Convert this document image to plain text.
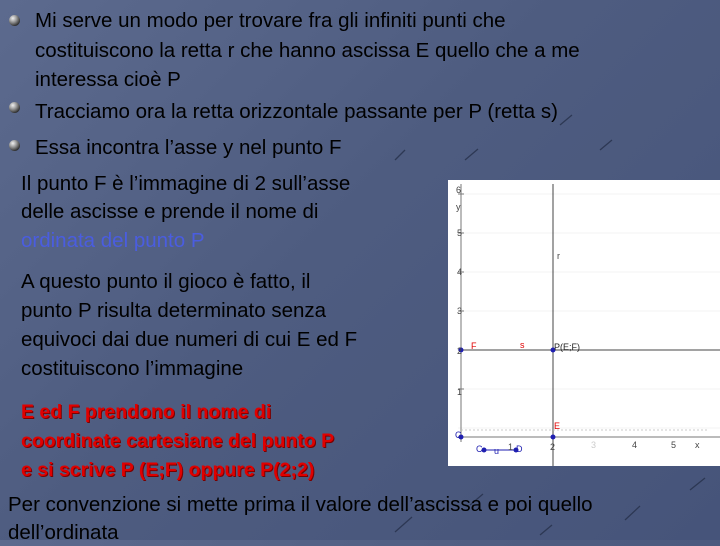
Mi serve un modo per trovare fra gli infiniti punti che
costituiscono la retta r che hanno ascissa E quello che a me
interessa cioè P
Tracciamo ora la retta orizzontale passante per P (retta s)
Essa incontra l’asse y nel punto F
Il punto F è l’immagine di 2 sull’asse
delle ascisse e prende il nome di
ordinata del punto P
A questo punto il gioco è fatto, il
punto P risulta determinato senza
equivoci dai due numeri di cui E ed F
costituiscono l’immagine
6
y
5
4
3
2
1
r
F	s	P(E;F)
E
C
C u D
1	2	3	4	5 x
E ed F prendono il nome di
coordinate cartesiane del punto P
e si scrive P (E;F) oppure P(2;2)
Per convenzione si mette prima il valore dell’ascissa e poi quello
dell’ordinata
